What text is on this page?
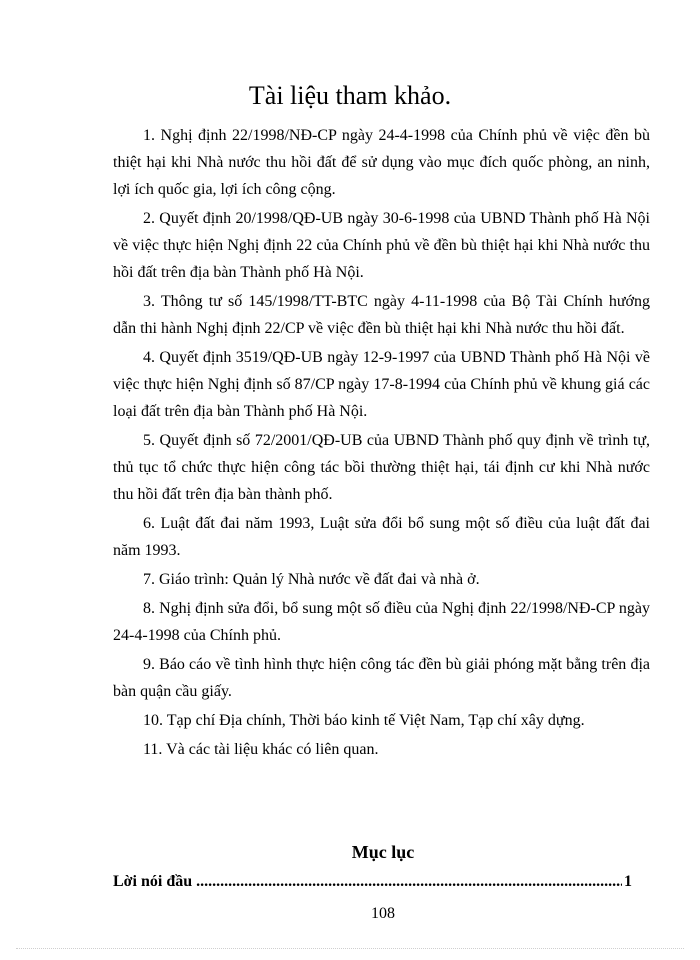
Tài liệu tham khảo.
1. Nghị định 22/1998/NĐ-CP ngày 24-4-1998 của Chính phủ về việc đền bù thiệt hại khi Nhà nước thu hồi đất để sử dụng vào mục đích quốc phòng, an ninh, lợi ích quốc gia, lợi ích công cộng.
2. Quyết định 20/1998/QĐ-UB ngày 30-6-1998 của UBND Thành phố Hà Nội về việc thực hiện Nghị định 22 của Chính phủ về đền bù thiệt hại khi Nhà nước thu hồi đất trên địa bàn Thành phố Hà Nội.
3. Thông tư số 145/1998/TT-BTC ngày 4-11-1998 của Bộ Tài Chính hướng dẫn thi hành Nghị định 22/CP về việc đền bù thiệt hại khi Nhà nước thu hồi đất.
4. Quyết định 3519/QĐ-UB ngày 12-9-1997 của UBND Thành phố Hà Nội về việc thực hiện Nghị định số 87/CP ngày 17-8-1994 của Chính phủ về khung giá các loại đất trên địa bàn Thành phố Hà Nội.
5. Quyết định số 72/2001/QĐ-UB của UBND Thành phố quy định về trình tự, thủ tục tổ chức thực hiện công tác bồi thường thiệt hại, tái định cư khi Nhà nước thu hồi đất trên địa bàn thành phố.
6. Luật đất đai năm 1993, Luật sửa đổi bổ sung một số điều của luật đất đai năm 1993.
7. Giáo trình: Quản lý Nhà nước về đất đai và nhà ở.
8. Nghị định sửa đổi, bổ sung một số điều của Nghị định 22/1998/NĐ-CP ngày 24-4-1998 của Chính phủ.
9. Báo cáo về tình hình thực hiện công tác đền bù giải phóng mặt bằng trên địa bàn quận cầu giấy.
10. Tạp chí Địa chính, Thời báo kinh tế Việt Nam, Tạp chí xây dựng.
11. Và các tài liệu khác có liên quan.
Mục lục
Lời nói đầu
.....	1
108
